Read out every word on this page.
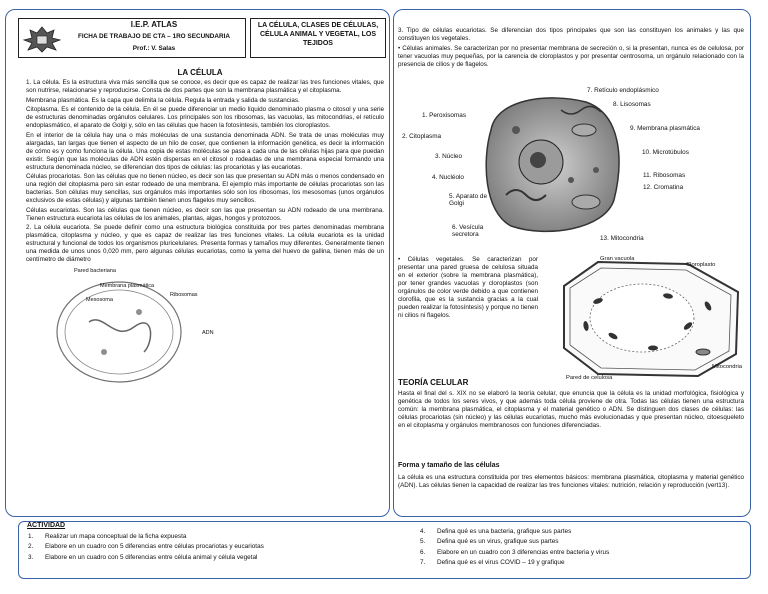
I.E.P. ATLAS
FICHA DE TRABAJO DE CTA – 1RO SECUNDARIA
Prof.: V. Salas
LA CÉLULA, CLASES DE CÉLULAS, CÉLULA ANIMAL Y VEGETAL, LOS TEJIDOS
LA CÉLULA

1. La célula. Es la estructura viva más sencilla que se conoce, es decir que es capaz de realizar las tres funciones vitales, que son nutrirse, relacionarse y reproducirse. Consta de dos partes que son la membrana plasmática y el citoplasma.

Membrana plasmática. Es la capa que delimita la célula. Regula la entrada y salida de sustancias.

Citoplasma. Es el contenido de la célula. En él se puede diferenciar un medio líquido denominado plasma o citosol y una serie de estructuras denominadas orgánulos celulares. Los principales son los ribosomas, las vacuolas, las mitocondrias, el retículo endoplasmático, el aparato de Golgi y, sólo en las células que hacen la fotosíntesis, también los cloroplastos.

En el interior de la célula hay una o más moléculas de una sustancia denominada ADN. Se trata de unas moléculas muy alargadas, tan largas que tienen el aspecto de un hilo de coser, que contienen la información genética, es decir la información de cómo es y como funciona la célula. Una copia de estas moléculas se pasa a cada una de las células hijas para que puedan existir. Según que las moléculas de ADN estén dispersas en el citosol o rodeadas de una membrana especial formando una estructura denominada núcleo, se diferencian dos tipos de células: las procariotas y las eucariotas.

Células procariotas. Son las células que no tienen núcleo, es decir son las que presentan su ADN más o menos condensado en una región del citoplasma pero sin estar rodeado de una membrana. El ejemplo más importante de células procariotas son las bacterias. Son células muy sencillas, sus orgánulos más importantes sólo son los ribosomas, los mesosomas (unos orgánulos exclusivos de estas células) y algunas también tienen unos flagelos muy sencillos.

Células eucariotas. Son las células que tienen núcleo, es decir son las que presentan su ADN rodeado de una membrana. Tienen estructura eucariota las células de los animales, plantas, algas, hongos y protozoos.

2. La célula eucariota. Se puede definir como una estructura biológica constituida por tres partes denominadas membrana plasmática, citoplasma y núcleo, y que es capaz de realizar las tres funciones vitales. La célula eucariota es la unidad estructural y funcional de todos los organismos pluricelulares. Presenta formas y tamaños muy diferentes. Generalmente tienen una medida de unos unos 0,020 mm, pero algunas células eucariotas, como la yema del huevo de gallina, tienen más de un centímetro de diámetro

Pared bacteriana
Membrana plasmática
Ribosomas
Mesosoma
ADN

3. Tipo de células eucariotas. Se diferencian dos tipos principales que son las constituyen los animales y las que constituyen los vegetales.

• Células animales. Se caracterizan por no presentar membrana de secreción o, si la presentan, nunca es de celulosa, por tener vacuolas muy pequeñas, por la carencia de cloroplastos y por presentar centrosoma, un orgánulo relacionado con la presencia de cilios y de flagelos.

1. Peroxisomas
2. Citoplasma
3. Núcleo
4. Nucléolo
5. Aparato de Golgi
6. Vesícula secretora
7. Retículo endoplásmico
8. Lisosomas
9. Membrana plasmática
10. Microtúbulos
11. Ribosomas
12. Cromatina
13. Mitocondria
• Células vegetales. Se caracterizan por presentar una pared gruesa de celulosa situada en el exterior (sobre la membrana plasmática), por tener grandes vacuolas y cloroplastos (son orgánulos de color verde debido a que contienen clorofila, que es la sustancia gracias a la cual pueden realizar la fotosíntesis) y porque no tienen ni cilios ni flagelos.
Gran vacuola
Cloroplasto
Mitocondria
Pared de celulosa
TEORÍA CELULAR
Hasta el final del s. XIX no se elaboró la teoría celular, que enuncia que la célula es la unidad morfológica, fisiológica y genética de todos los seres vivos, y que además toda célula proviene de otra. Todas las células tienen una estructura común: la membrana plasmática, el citoplasma y el material genético o ADN. Se distinguen dos clases de células: las células procariotas (sin núcleo) y las células eucariotas, mucho más evolucionadas y que presentan núcleo, citoesqueleto en el citoplasma y orgánulos membranosos con funciones diferenciadas.
Forma y tamaño de las células
La célula es una estructura constituida por tres elementos básicos: membrana plasmática, citoplasma y material genético (ADN). Las células tienen la capacidad de realizar las tres funciones vitales: nutrición, relación y reproducción (vert13).
ACTIVIDAD
1. Realizar un mapa conceptual de la ficha expuesta
2. Elabore en un cuadro con 5 diferencias entre células procariotas y eucariotas
3. Elabore en un cuadro con 5 diferencias entre célula animal y célula vegetal
4. Defina qué es una bacteria, grafique sus partes
5. Defina qué es un virus, grafique sus partes
6. Elabore en un cuadro con 3 diferencias entre bacteria y virus
7. Defina qué es el virus COVID – 19 y grafique
